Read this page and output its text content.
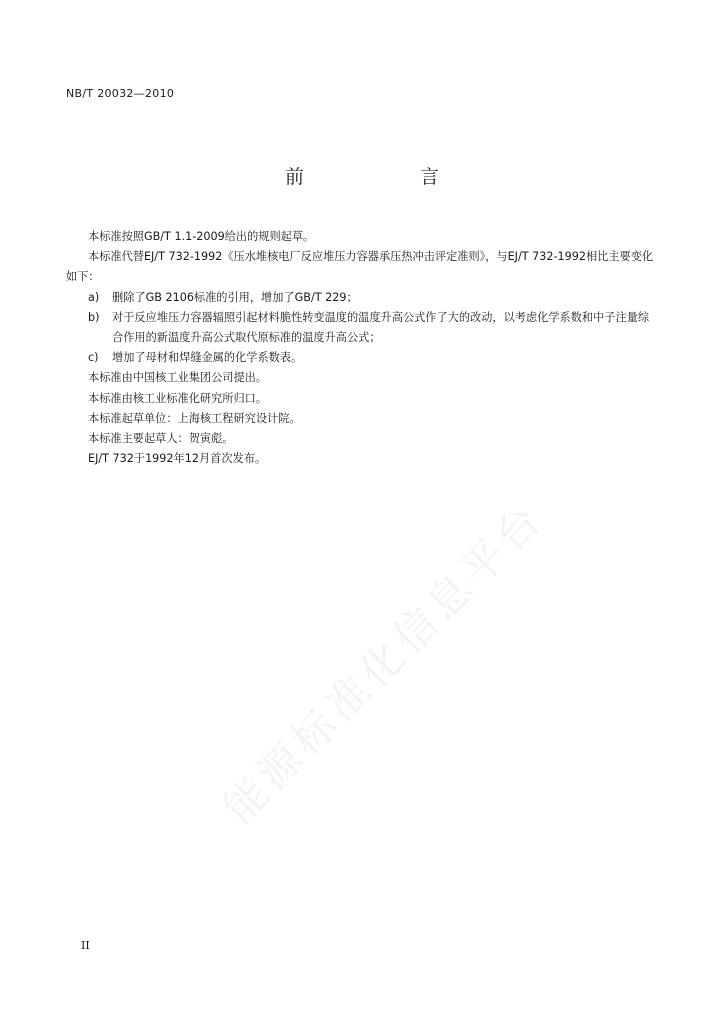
NB/T 20032—2010
前　　言

本标准按照GB/T 1.1-2009给出的规则起草。

本标准代替EJ/T 732-1992《压水堆核电厂反应堆压力容器承压热冲击评定准则》，与EJ/T 732-1992相比主要变化如下：

a)	删除了GB 2106标准的引用，增加了GB/T 229；
b)	对于反应堆压力容器辐照引起材料脆性转变温度的温度升高公式作了大的改动，以考虑化学系数和中子注量综合作用的新温度升高公式取代原标准的温度升高公式；
c)	增加了母材和焊缝金属的化学系数表。

本标准由中国核工业集团公司提出。

本标准由核工业标准化研究所归口。

本标准起草单位：上海核工程研究设计院。

本标准主要起草人：贺寅彪。

EJ/T 732于1992年12月首次发布。

能源标准化信息平台
II
